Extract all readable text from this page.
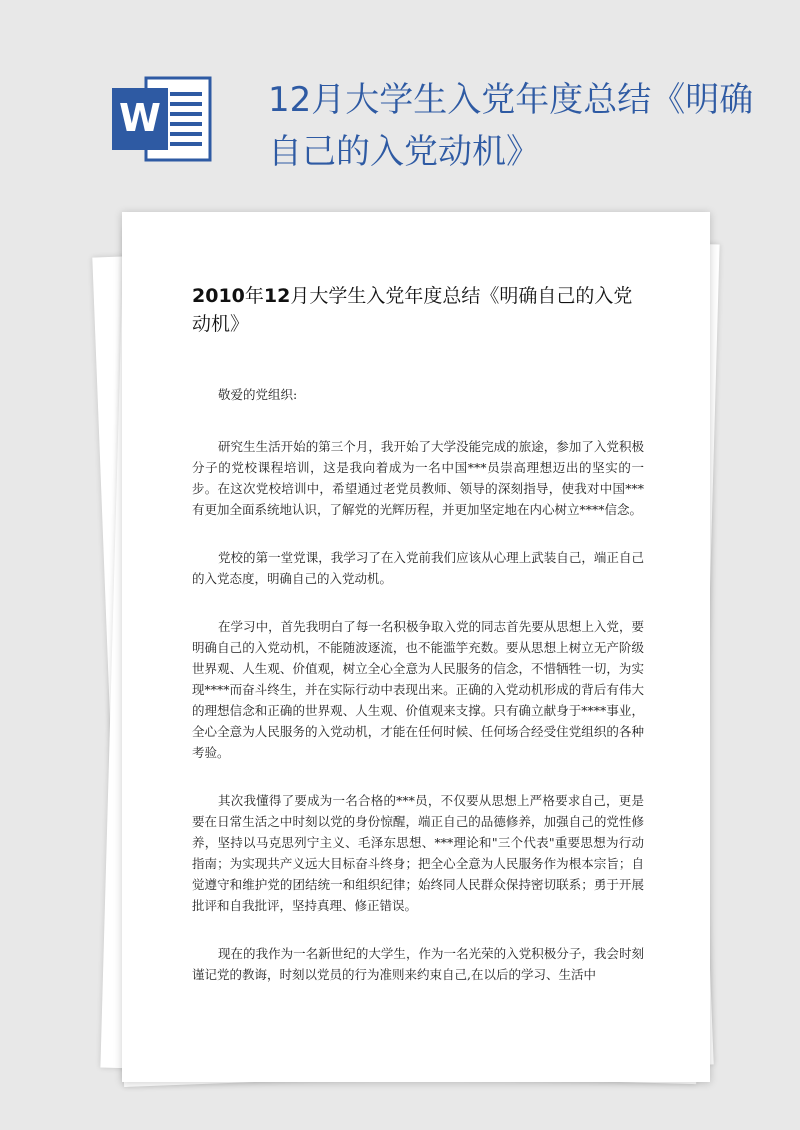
W	12月大学生入党年度总结《明确自己的入党动机》
2010年12月大学生入党年度总结《明确自己的入党动机》

敬爱的党组织:

研究生生活开始的第三个月，我开始了大学没能完成的旅途，参加了入党积极分子的党校课程培训，这是我向着成为一名中国***员崇高理想迈出的坚实的一步。在这次党校培训中，希望通过老党员教师、领导的深刻指导，使我对中国***有更加全面系统地认识，了解党的光辉历程，并更加坚定地在内心树立****信念。

党校的第一堂党课，我学习了在入党前我们应该从心理上武装自己，端正自己的入党态度，明确自己的入党动机。

在学习中，首先我明白了每一名积极争取入党的同志首先要从思想上入党，要明确自己的入党动机，不能随波逐流，也不能滥竽充数。要从思想上树立无产阶级世界观、人生观、价值观，树立全心全意为人民服务的信念，不惜牺牲一切，为实现****而奋斗终生，并在实际行动中表现出来。正确的入党动机形成的背后有伟大的理想信念和正确的世界观、人生观、价值观来支撑。只有确立献身于****事业，全心全意为人民服务的入党动机，才能在任何时候、任何场合经受住党组织的各种考验。

其次我懂得了要成为一名合格的***员，不仅要从思想上严格要求自己，更是要在日常生活之中时刻以党的身份惊醒，端正自己的品德修养，加强自己的党性修养，坚持以马克思列宁主义、毛泽东思想、***理论和"三个代表"重要思想为行动指南；为实现共产义远大目标奋斗终身；把全心全意为人民服务作为根本宗旨；自觉遵守和维护党的团结统一和组织纪律；始终同人民群众保持密切联系；勇于开展批评和自我批评，坚持真理、修正错误。

现在的我作为一名新世纪的大学生，作为一名光荣的入党积极分子，我会时刻谨记党的教诲，时刻以党员的行为准则来约束自己,在以后的学习、生活中
